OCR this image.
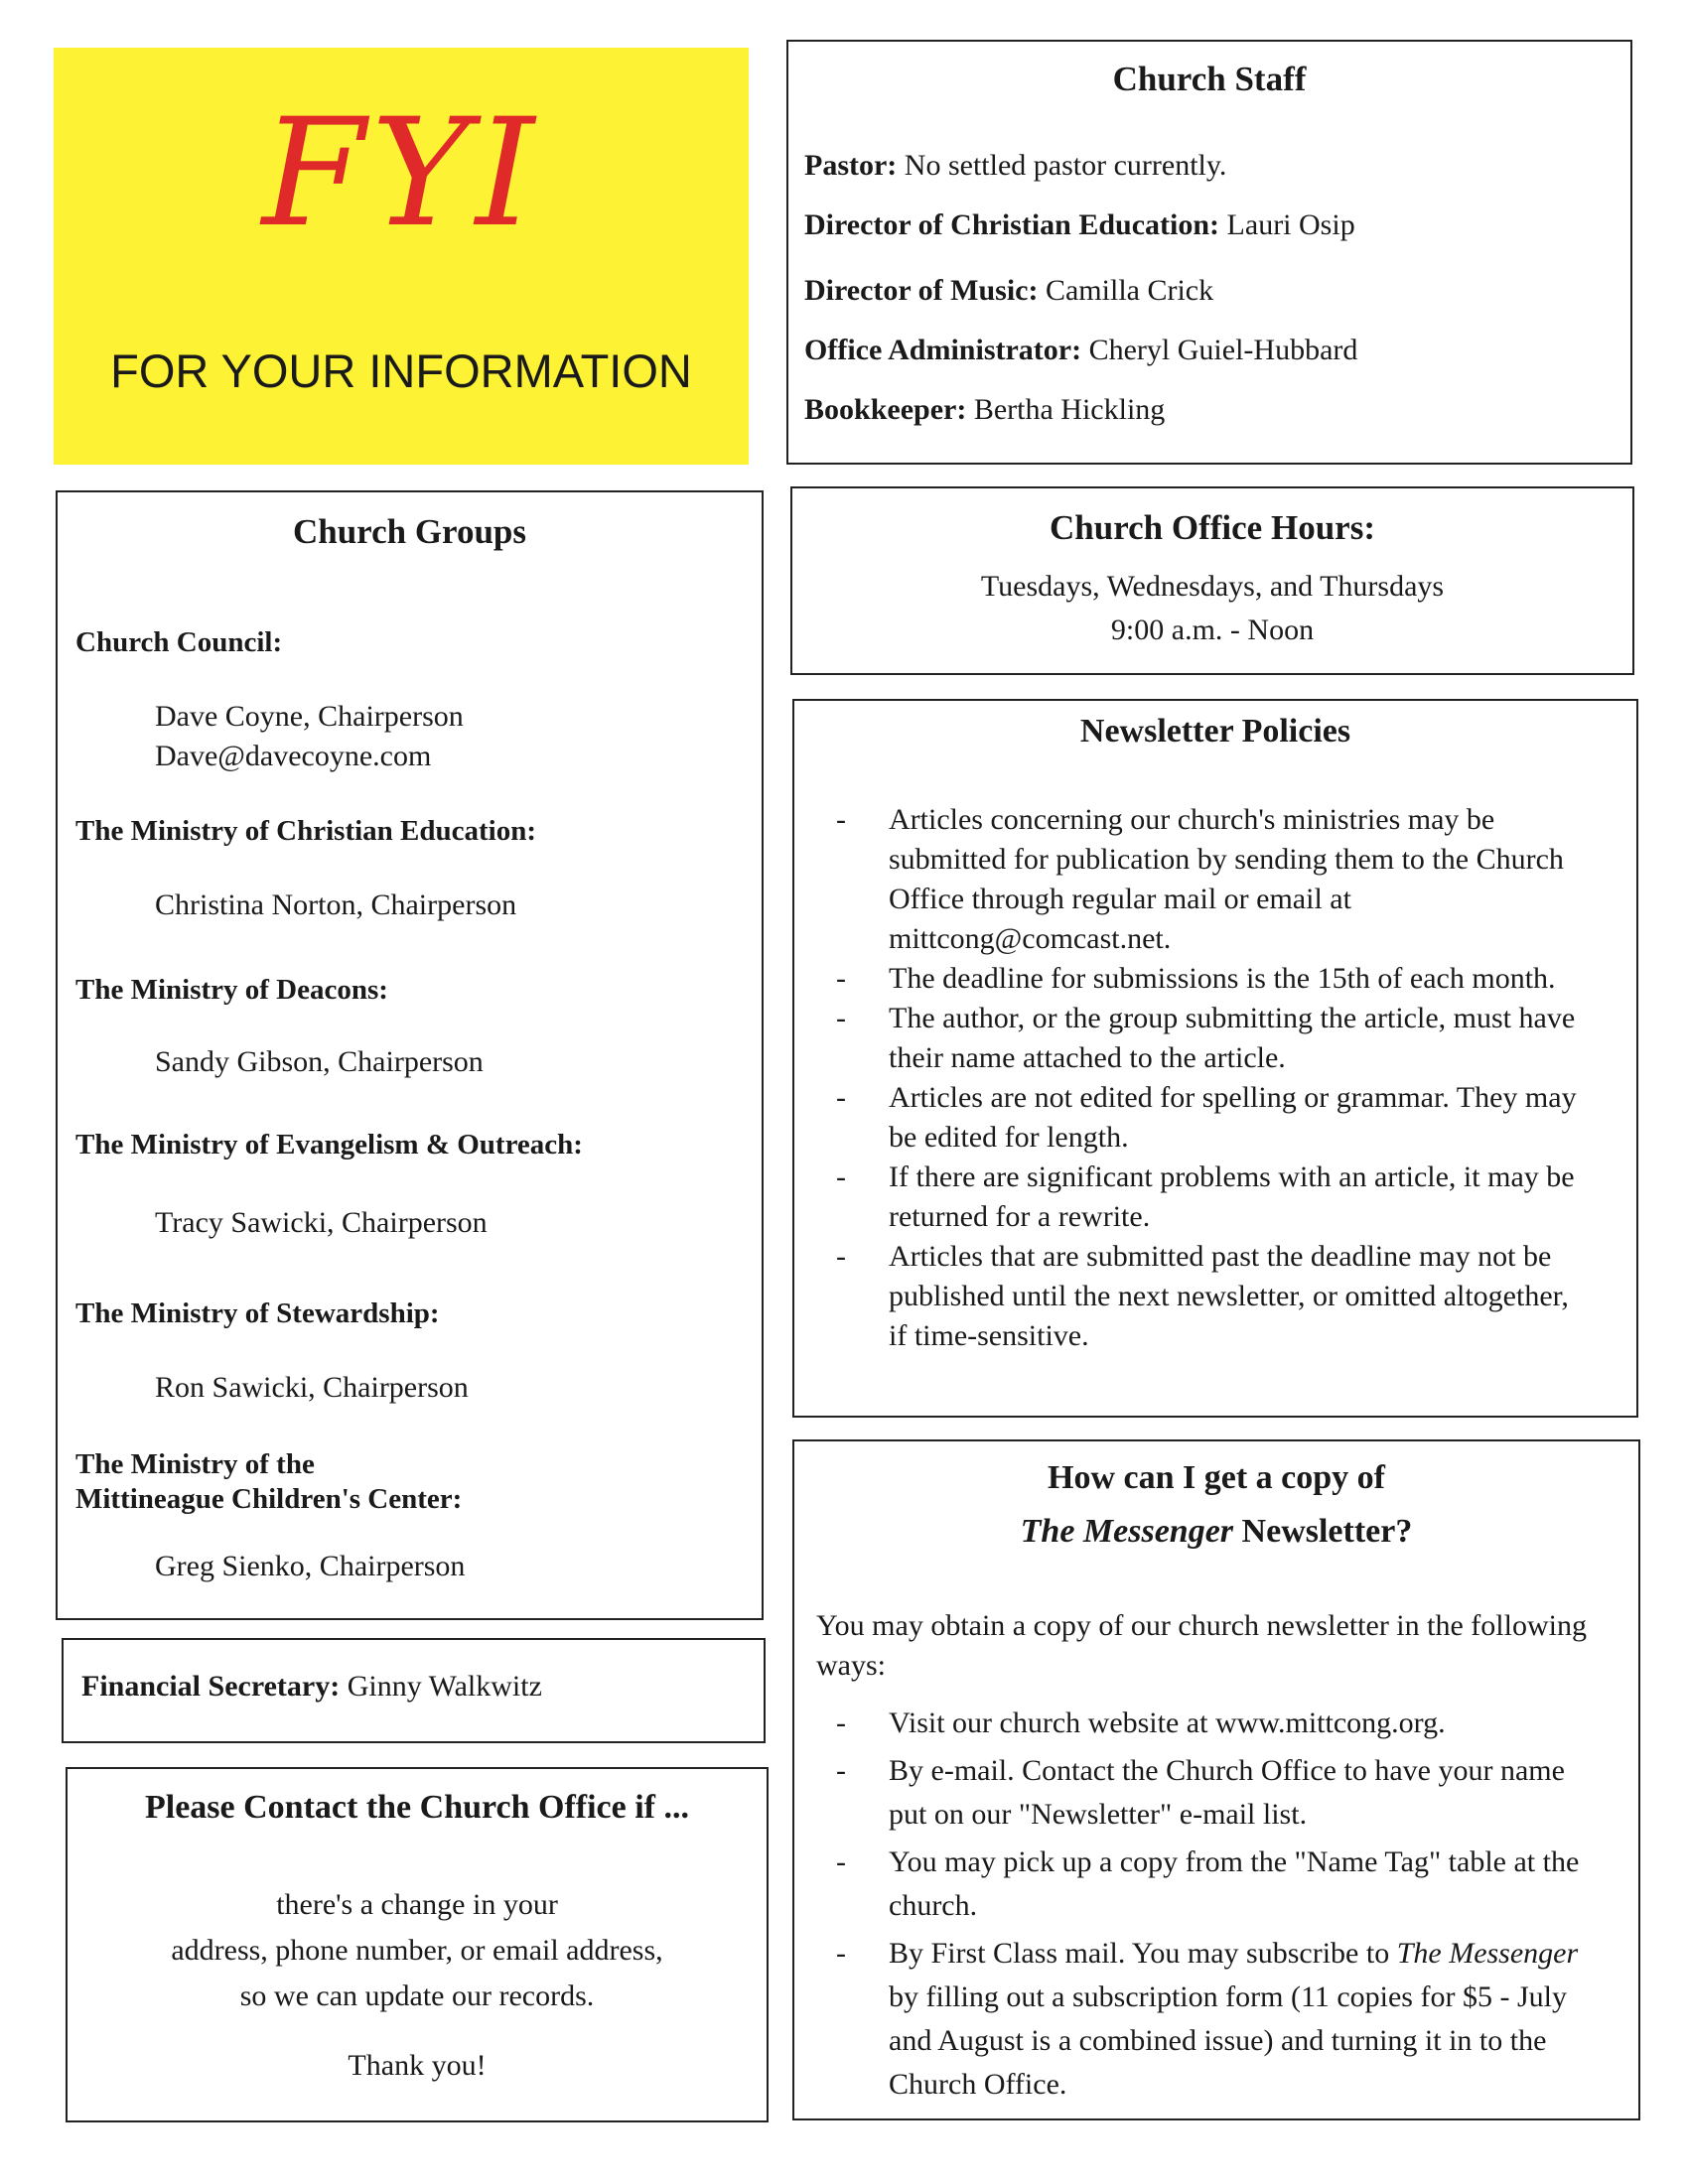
FYI
FOR YOUR INFORMATION
Church Staff
Pastor: No settled pastor currently.
Director of Christian Education: Lauri Osip
Director of Music: Camilla Crick
Office Administrator: Cheryl Guiel-Hubbard
Bookkeeper: Bertha Hickling
Church Groups
Church Council:
Dave Coyne, Chairperson
Dave@davecoyne.com
The Ministry of Christian Education:
Christina Norton, Chairperson
The Ministry of Deacons:
Sandy Gibson, Chairperson
The Ministry of Evangelism & Outreach:
Tracy Sawicki, Chairperson
The Ministry of Stewardship:
Ron Sawicki, Chairperson
The Ministry of the
Mittineague Children's Center:
Greg Sienko, Chairperson
Financial Secretary: Ginny Walkwitz
Please Contact the Church Office if ...
there's a change in your
address, phone number, or email address,
so we can update our records.
Thank you!
Church Office Hours:
Tuesdays, Wednesdays, and Thursdays
9:00 a.m. - Noon
Newsletter Policies
- Articles concerning our church's ministries may be submitted for publication by sending them to the Church Office through regular mail or email at mittcong@comcast.net.
- The deadline for submissions is the 15th of each month.
- The author, or the group submitting the article, must have their name attached to the article.
- Articles are not edited for spelling or grammar. They may be edited for length.
- If there are significant problems with an article, it may be returned for a rewrite.
- Articles that are submitted past the deadline may not be published until the next newsletter, or omitted altogether, if time-sensitive.
How can I get a copy of
The Messenger Newsletter?
You may obtain a copy of our church newsletter in the following ways:
- Visit our church website at www.mittcong.org.
- By e-mail. Contact the Church Office to have your name put on our "Newsletter" e-mail list.
- You may pick up a copy from the "Name Tag" table at the church.
- By First Class mail. You may subscribe to The Messenger by filling out a subscription form (11 copies for $5 - July and August is a combined issue) and turning it in to the Church Office.
